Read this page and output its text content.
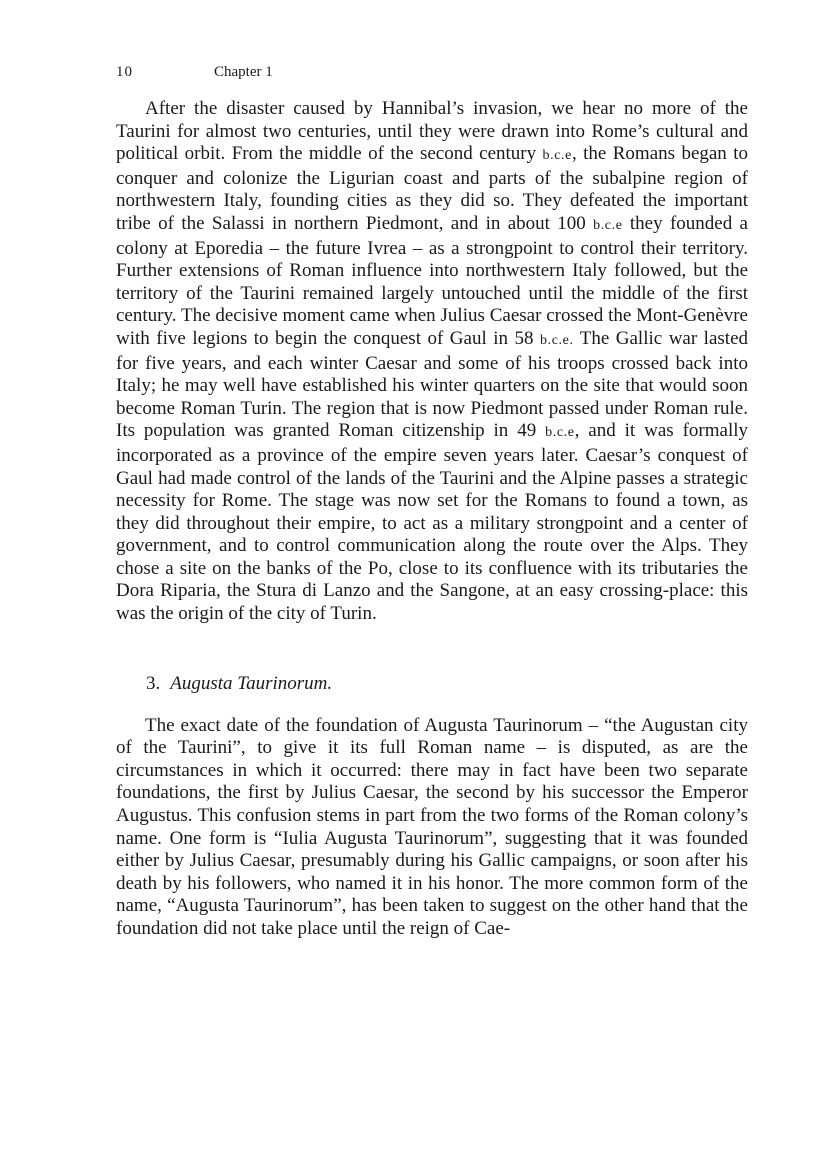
10	Chapter 1

After the disaster caused by Hannibal’s invasion, we hear no more of the Taurini for almost two centuries, until they were drawn into Rome’s cultural and political orbit. From the middle of the second century b.c.e, the Romans began to conquer and colonize the Ligurian coast and parts of the subalpine region of northwestern Italy, founding cities as they did so. They defeated the important tribe of the Salassi in northern Piedmont, and in about 100 b.c.e they founded a colony at Eporedia – the future Ivrea – as a strongpoint to control their territory. Further extensions of Roman influence into northwestern Italy followed, but the territory of the Taurini remained largely untouched until the middle of the first century. The decisive moment came when Julius Caesar crossed the Mont-Genèvre with five legions to begin the conquest of Gaul in 58 b.c.e. The Gallic war lasted for five years, and each winter Caesar and some of his troops crossed back into Italy; he may well have established his winter quarters on the site that would soon become Roman Turin. The region that is now Piedmont passed under Roman rule. Its population was granted Roman citizenship in 49 b.c.e, and it was formally incorporated as a province of the empire seven years later. Caesar’s conquest of Gaul had made control of the lands of the Taurini and the Alpine passes a strategic necessity for Rome. The stage was now set for the Romans to found a town, as they did throughout their empire, to act as a military strongpoint and a center of government, and to control communication along the route over the Alps. They chose a site on the banks of the Po, close to its confluence with its tributaries the Dora Riparia, the Stura di Lanzo and the Sangone, at an easy crossing-place: this was the origin of the city of Turin.

3. Augusta Taurinorum.

The exact date of the foundation of Augusta Taurinorum – “the Augustan city of the Taurini”, to give it its full Roman name – is disputed, as are the circumstances in which it occurred: there may in fact have been two separate foundations, the first by Julius Caesar, the second by his successor the Emperor Augustus. This confusion stems in part from the two forms of the Roman colony’s name. One form is “Iulia Augusta Taurinorum”, suggesting that it was founded either by Julius Caesar, presumably during his Gallic campaigns, or soon after his death by his followers, who named it in his honor. The more common form of the name, “Augusta Taurinorum”, has been taken to suggest on the other hand that the foundation did not take place until the reign of Cae-
